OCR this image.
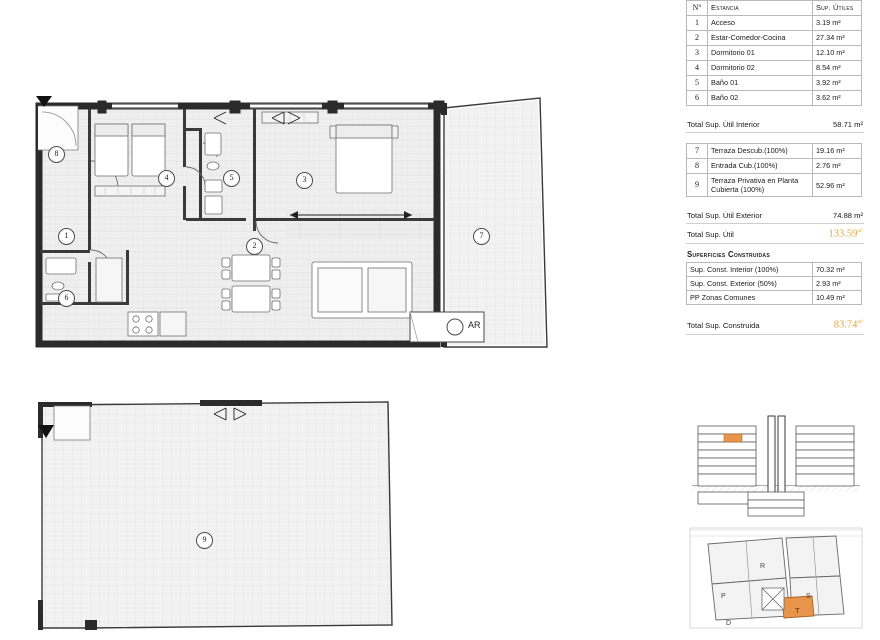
1
2
3
4	5
6
7
8
9
AR
Nº	Estancia	Sup. Útiles
1	Acceso	3.19 m²
2	Estar-Comedor-Cocina	27.34 m²
3	Dormitorio 01	12.10 m²
4	Dormitorio 02	8.54 m²
5	Baño 01	3.92 m²
6	Baño 02	3.62 m²
Total Sup. Útil Interior	58.71 m²
7	Terraza Descub.(100%)	19.16 m²
8	Entrada Cub.(100%)	2.76 m²
9	Terraza Privativa en Planta Cubierta (100%)	52.96 m²
Total Sup. Útil Exterior	74.88 m²
Total Sup. Útil	$133.59^{m^2}$
Superficies Construidas
Sup. Const. Interior (100%)	70.32 m²
Sup. Const. Exterior (50%)	2.93 m²
PP Zonas Comunes	10.49 m²
Total Sup. Construida	$83.74^{m^2}$
R
P	S
D
T
